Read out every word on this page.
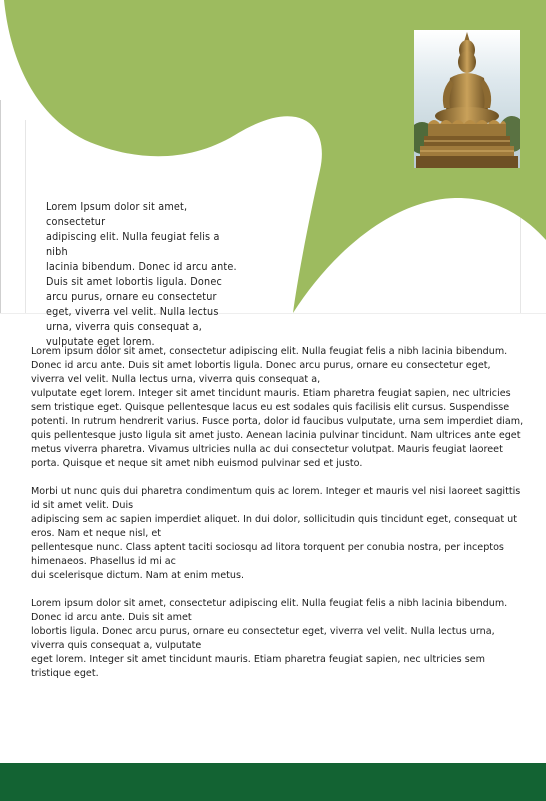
Lorem Ipsum dolor sit amet, consectetur
adipiscing elit. Nulla feugiat felis a nibh
lacinia bibendum. Donec id arcu ante.
Duis sit amet lobortis ligula. Donec
arcu purus, ornare eu consectetur
eget, viverra vel velit. Nulla lectus
urna, viverra quis consequat a,
vulputate eget lorem.

Lorem ipsum dolor sit amet, consectetur adipiscing elit. Nulla feugiat felis a nibh lacinia bibendum. Donec id arcu ante. Duis sit amet lobortis ligula. Donec arcu purus, ornare eu consectetur eget, viverra vel velit. Nulla lectus urna, viverra quis consequat a,
vulputate eget lorem. Integer sit amet tincidunt mauris. Etiam pharetra feugiat sapien, nec ultricies sem tristique eget. Quisque pellentesque lacus eu est sodales quis facilisis elit cursus. Suspendisse potenti. In rutrum hendrerit varius. Fusce porta, dolor id faucibus vulputate, urna sem imperdiet diam, quis pellentesque justo ligula sit amet justo. Aenean lacinia pulvinar tincidunt. Nam ultrices ante eget metus viverra pharetra. Vivamus ultricies nulla ac dui consectetur volutpat. Mauris feugiat laoreet porta. Quisque et neque sit amet nibh euismod pulvinar sed et justo.

Morbi ut nunc quis dui pharetra condimentum quis ac lorem. Integer et mauris vel nisi laoreet sagittis id sit amet velit. Duis
adipiscing sem ac sapien imperdiet aliquet. In dui dolor, sollicitudin quis tincidunt eget, consequat ut eros. Nam et neque nisl, et
pellentesque nunc. Class aptent taciti sociosqu ad litora torquent per conubia nostra, per inceptos himenaeos. Phasellus id mi ac
dui scelerisque dictum. Nam at enim metus.

Lorem ipsum dolor sit amet, consectetur adipiscing elit. Nulla feugiat felis a nibh lacinia bibendum. Donec id arcu ante. Duis sit amet
lobortis ligula. Donec arcu purus, ornare eu consectetur eget, viverra vel velit. Nulla lectus urna, viverra quis consequat a, vulputate
eget lorem. Integer sit amet tincidunt mauris. Etiam pharetra feugiat sapien, nec ultricies sem tristique eget.
